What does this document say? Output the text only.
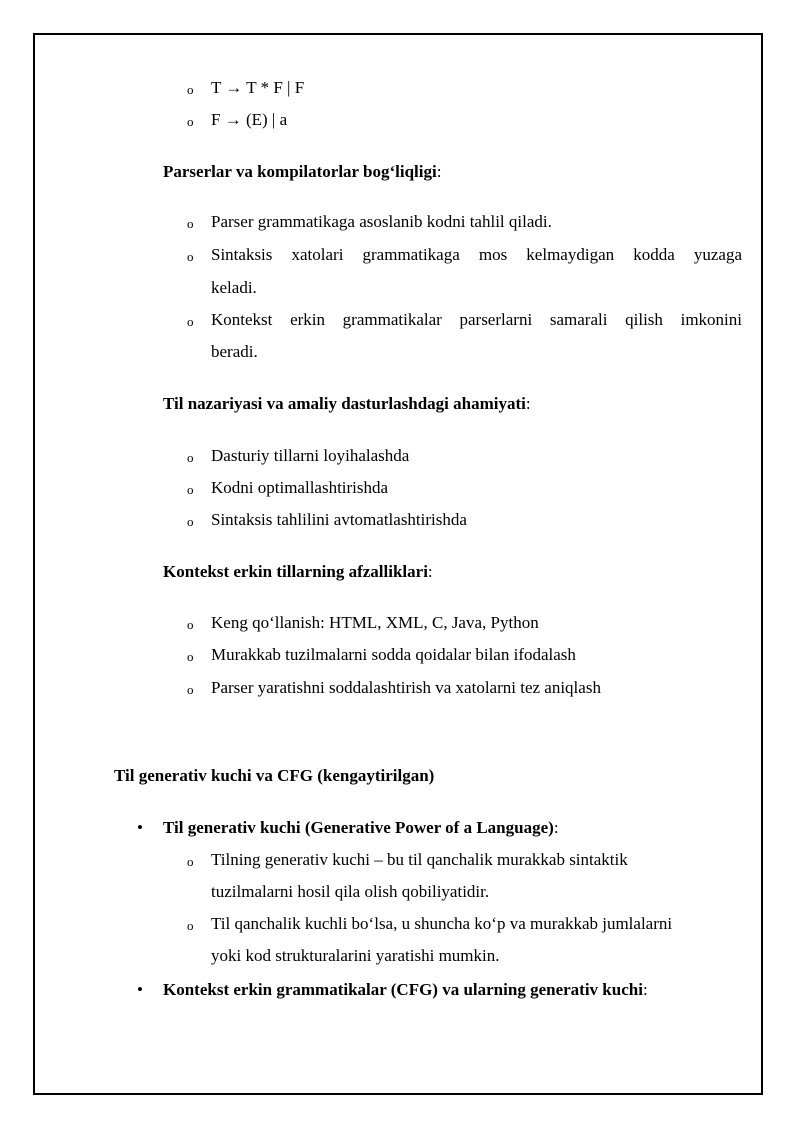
o T → T * F | F
o F → (E) | a
Parserlar va kompilatorlar bog‘liqligi:
o Parser grammatikaga asoslanib kodni tahlil qiladi.
o Sintaksis xatolari grammatikaga mos kelmaydigan kodda yuzaga
keladi.
o Kontekst erkin grammatikalar parserlarni samarali qilish imkonini
beradi.
Til nazariyasi va amaliy dasturlashdagi ahamiyati:
o Dasturiy tillarni loyihalashda
o Kodni optimallashtirishda
o Sintaksis tahlilini avtomatlashtirishda
Kontekst erkin tillarning afzalliklari:
o Keng qo‘llanish: HTML, XML, C, Java, Python
o Murakkab tuzilmalarni sodda qoidalar bilan ifodalash
o Parser yaratishni soddalashtirish va xatolarni tez aniqlash
Til generativ kuchi va CFG (kengaytirilgan)
• Til generativ kuchi (Generative Power of a Language):
o Tilning generativ kuchi – bu til qanchalik murakkab sintaktik
tuzilmalarni hosil qila olish qobiliyatidir.
o Til qanchalik kuchli bo‘lsa, u shuncha ko‘p va murakkab jumlalarni
yoki kod strukturalarini yaratishi mumkin.
• Kontekst erkin grammatikalar (CFG) va ularning generativ kuchi:
